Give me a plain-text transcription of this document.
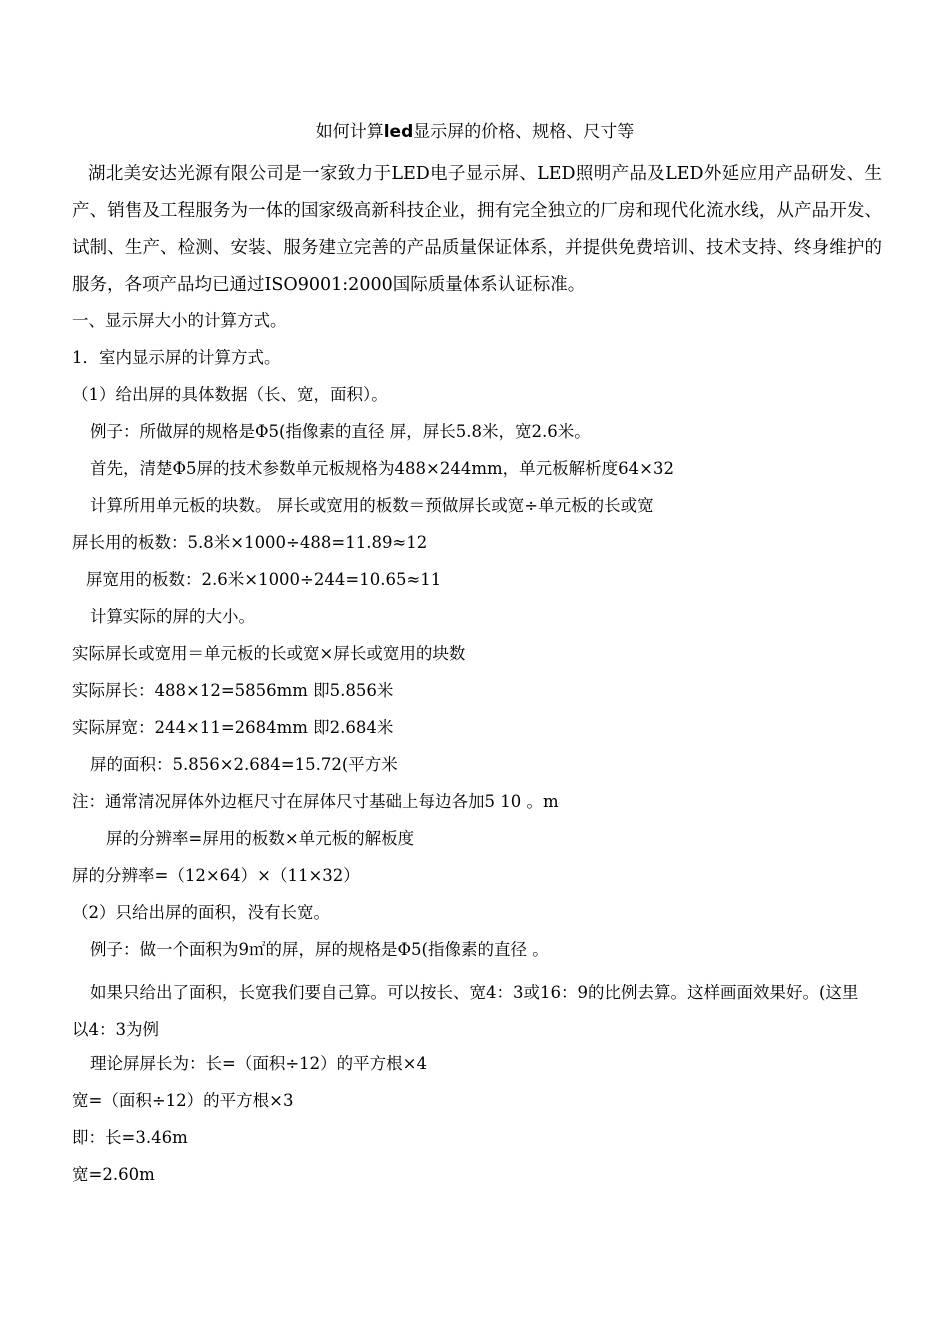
如何计算led显示屏的价格、规格、尺寸等
湖北美安达光源有限公司是一家致力于LED电子显示屏、LED照明产品及LED外延应用产品研发、生产、销售及工程服务为一体的国家级高新科技企业，拥有完全独立的厂房和现代化流水线，从产品开发、试制、生产、检测、安装、服务建立完善的产品质量保证体系，并提供免费培训、技术支持、终身维护的服务，各项产品均已通过ISO9001:2000国际质量体系认证标准。
一、显示屏大小的计算方式。
1．室内显示屏的计算方式。
（1）给出屏的具体数据（长、宽，面积）。
例子：所做屏的规格是Φ5(指像素的直径 屏，屏长5.8米，宽2.6米。
首先，清楚Φ5屏的技术参数单元板规格为488×244mm，单元板解析度64×32
计算所用单元板的块数。 屏长或宽用的板数＝预做屏长或宽÷单元板的长或宽
屏长用的板数：5.8米×1000÷488=11.89≈12
屏宽用的板数：2.6米×1000÷244=10.65≈11
计算实际的屏的大小。
实际屏长或宽用＝单元板的长或宽×屏长或宽用的块数
实际屏长：488×12=5856mm 即5.856米
实际屏宽：244×11=2684mm 即2.684米
屏的面积：5.856×2.684=15.72(平方米
注：通常清况屏体外边框尺寸在屏体尺寸基础上每边各加5 10 。m
屏的分辨率=屏用的板数×单元板的解板度
屏的分辨率=（12×64）×（11×32）
（2）只给出屏的面积，没有长宽。
例子：做一个面积为9㎡的屏，屏的规格是Φ5(指像素的直径 。
如果只给出了面积，长宽我们要自己算。可以按长、宽4：3或16：9的比例去算。这样画面效果好。(这里以4：3为例
理论屏屏长为：长=（面积÷12）的平方根×4
宽=（面积÷12）的平方根×3
即：长=3.46m
宽=2.60m
